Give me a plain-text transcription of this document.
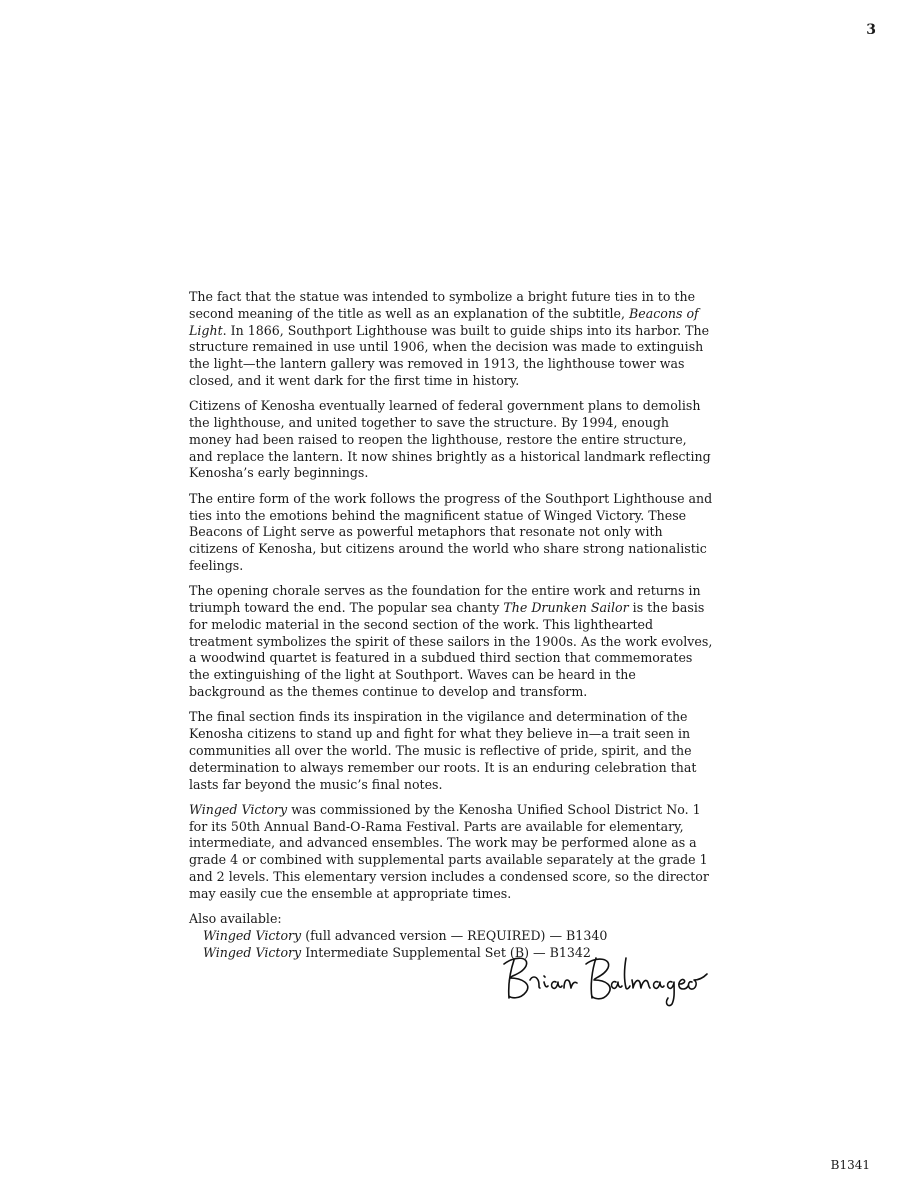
3

The fact that the statue was intended to symbolize a bright future ties in to the second meaning of the title as well as an explanation of the subtitle, Beacons of Light. In 1866, Southport Lighthouse was built to guide ships into its harbor. The structure remained in use until 1906, when the decision was made to extinguish the light—the lantern gallery was removed in 1913, the lighthouse tower was closed, and it went dark for the first time in history.

Citizens of Kenosha eventually learned of federal government plans to demolish the lighthouse, and united together to save the structure. By 1994, enough money had been raised to reopen the lighthouse, restore the entire structure, and replace the lantern. It now shines brightly as a historical landmark reflecting Kenosha’s early beginnings.

The entire form of the work follows the progress of the Southport Lighthouse and ties into the emotions behind the magnificent statue of Winged Victory. These Beacons of Light serve as powerful metaphors that resonate not only with citizens of Kenosha, but citizens around the world who share strong nationalistic feelings.

The opening chorale serves as the foundation for the entire work and returns in triumph toward the end. The popular sea chanty The Drunken Sailor is the basis for melodic material in the second section of the work. This lighthearted treatment symbolizes the spirit of these sailors in the 1900s. As the work evolves, a woodwind quartet is featured in a subdued third section that commemorates the extinguishing of the light at Southport. Waves can be heard in the background as the themes continue to develop and transform.

The final section finds its inspiration in the vigilance and determination of the Kenosha citizens to stand up and fight for what they believe in—a trait seen in communities all over the world. The music is reflective of pride, spirit, and the determination to always remember our roots. It is an enduring celebration that lasts far beyond the music’s final notes.

Winged Victory was commissioned by the Kenosha Unified School District No. 1 for its 50th Annual Band-O-Rama Festival. Parts are available for elementary, intermediate, and advanced ensembles. The work may be performed alone as a grade 4 or combined with supplemental parts available separately at the grade 1 and 2 levels. This elementary version includes a condensed score, so the director may easily cue the ensemble at appropriate times.

Also available:

Winged Victory (full advanced version — REQUIRED) — B1340

Winged Victory Intermediate Supplemental Set (B) — B1342

B1341
